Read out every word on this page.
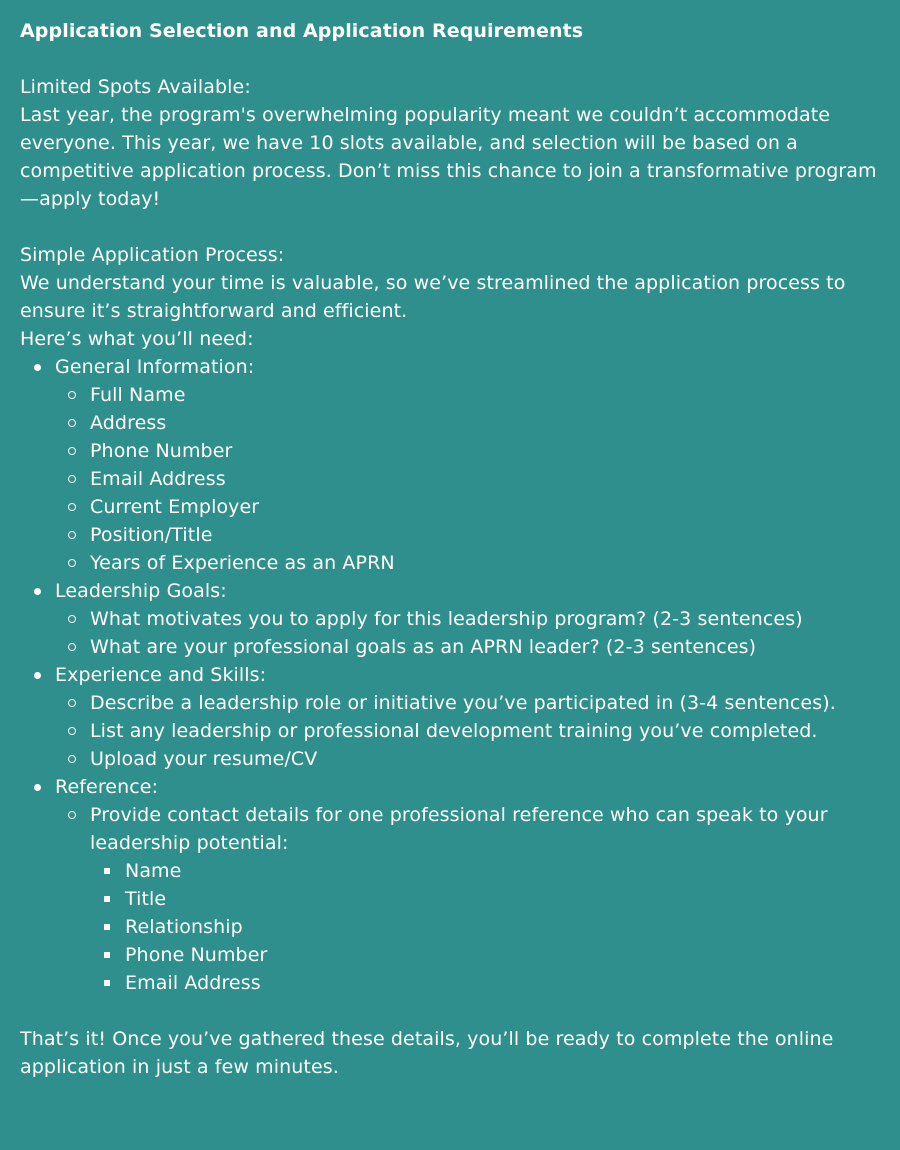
Application Selection and Application Requirements

Limited Spots Available:

Last year, the program's overwhelming popularity meant we couldn’t accommodate everyone. This year, we have 10 slots available, and selection will be based on a competitive application process. Don’t miss this chance to join a transformative program—apply today!

Simple Application Process:

We understand your time is valuable, so we’ve streamlined the application process to ensure it’s straightforward and efficient.

Here’s what you’ll need:

General Information:
Full Name
Address
Phone Number
Email Address
Current Employer
Position/Title
Years of Experience as an APRN
Leadership Goals:
What motivates you to apply for this leadership program? (2-3 sentences)
What are your professional goals as an APRN leader? (2-3 sentences)
Experience and Skills:
Describe a leadership role or initiative you’ve participated in (3-4 sentences).
List any leadership or professional development training you’ve completed.
Upload your resume/CV
Reference:
Provide contact details for one professional reference who can speak to your leadership potential:
Name
Title
Relationship
Phone Number
Email Address

That’s it! Once you’ve gathered these details, you’ll be ready to complete the online application in just a few minutes.
